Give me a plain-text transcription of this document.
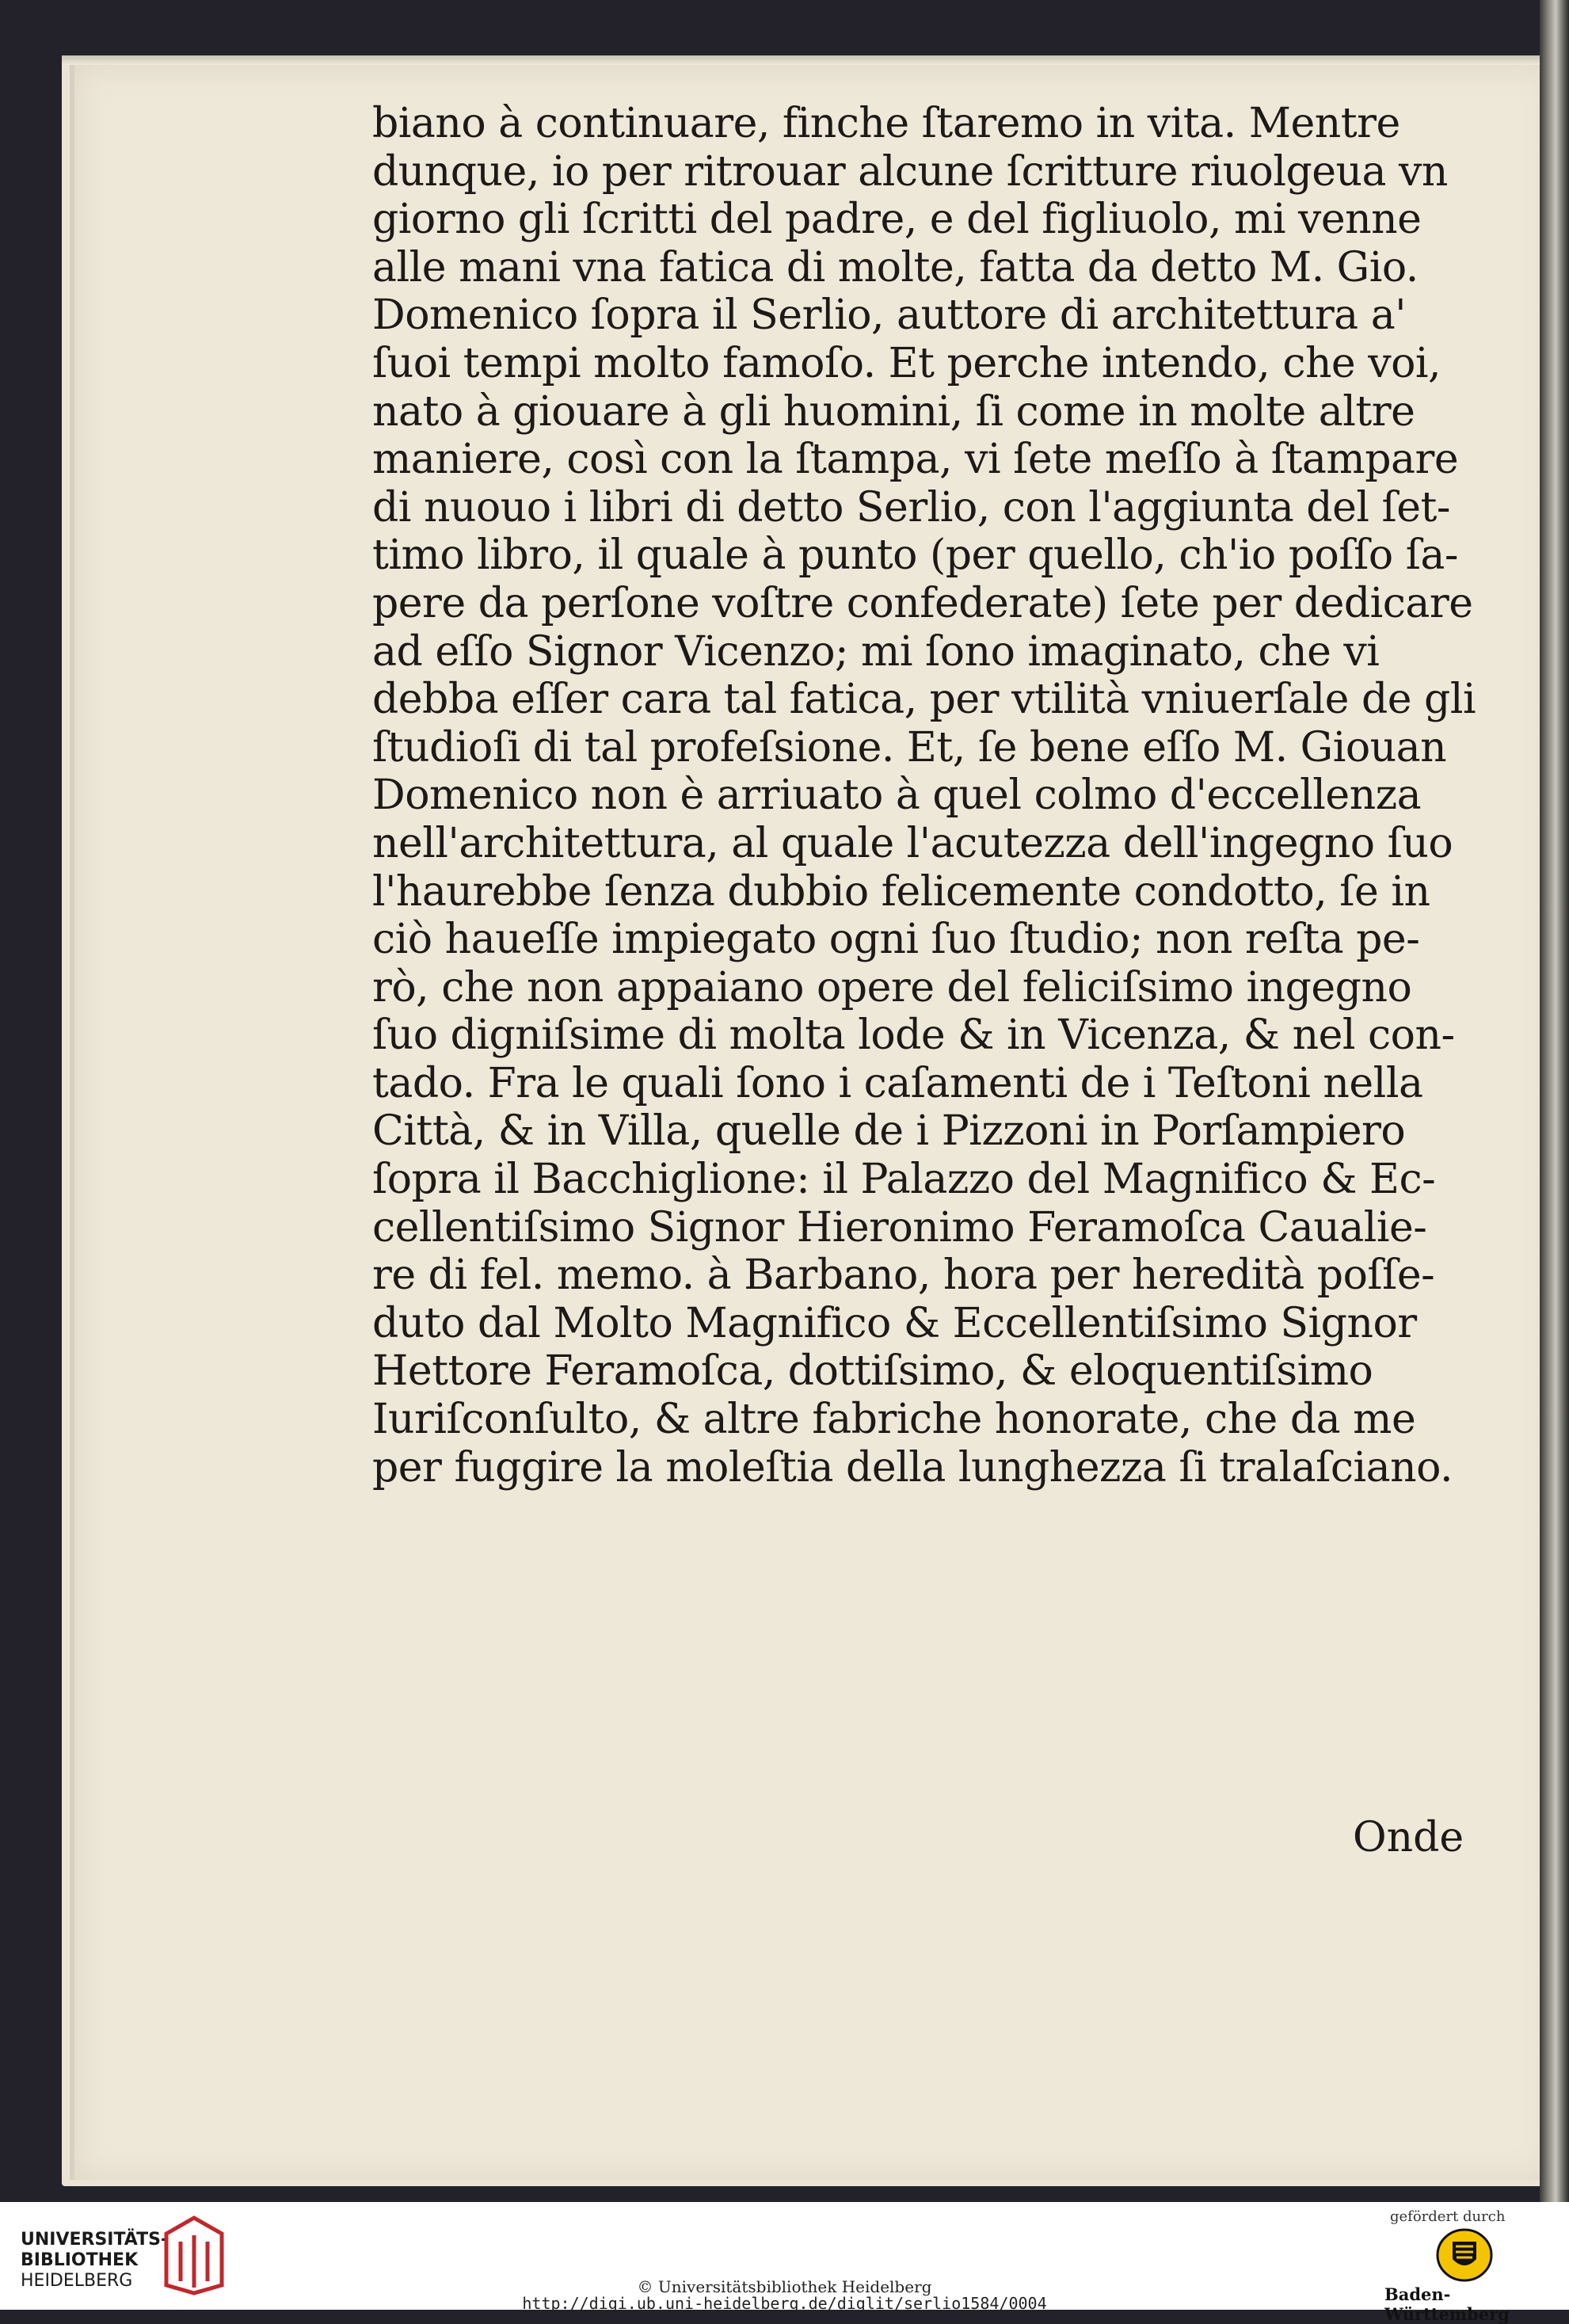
biano à continuare, finche ſtaremo in vita. Mentre
dunque, io per ritrouar alcune ſcritture riuolgeua vn
giorno gli ſcritti del padre, e del figliuolo, mi venne
alle mani vna fatica di molte, fatta da detto M. Gio.
Domenico ſopra il Serlio, auttore di architettura a'
ſuoi tempi molto famoſo. Et perche intendo, che voi,
nato à giouare à gli huomini, ſi come in molte altre
maniere, così con la ſtampa, vi ſete meſſo à ſtampare
di nuouo i libri di detto Serlio, con l'aggiunta del ſet-
timo libro, il quale à punto (per quello, ch'io poſſo ſa-
pere da perſone voſtre confederate) ſete per dedicare
ad eſſo Signor Vicenzo; mi ſono imaginato, che vi
debba eſſer cara tal fatica, per vtilità vniuerſale de gli
ſtudioſi di tal profeſsione. Et, ſe bene eſſo M. Giouan
Domenico non è arriuato à quel colmo d'eccellenza
nell'architettura, al quale l'acutezza dell'ingegno ſuo
l'haurebbe ſenza dubbio felicemente condotto, ſe in
ciò haueſſe impiegato ogni ſuo ſtudio; non reſta pe-
rò, che non appaiano opere del feliciſsimo ingegno
ſuo digniſsime di molta lode & in Vicenza, & nel con-
tado. Fra le quali ſono i caſamenti de i Teſtoni nella
Città, & in Villa, quelle de i Pizzoni in Porſampiero
ſopra il Bacchiglione: il Palazzo del Magnifico & Ec-
cellentiſsimo Signor Hieronimo Feramoſca Caualie-
re di fel. memo. à Barbano, hora per heredità poſſe-
duto dal Molto Magnifico & Eccellentiſsimo Signor
Hettore Feramoſca, dottiſsimo, & eloquentiſsimo
Iuriſconſulto, & altre fabriche honorate, che da me
per fuggire la moleſtia della lunghezza ſi tralaſciano.
Onde
UNIVERSITÄTS-
BIBLIOTHEK
HEIDELBERG	© Universitätsbibliothek Heidelberg
http://digi.ub.uni-heidelberg.de/diglit/serlio1584/0004
gefördert durch
Baden-Württemberg
